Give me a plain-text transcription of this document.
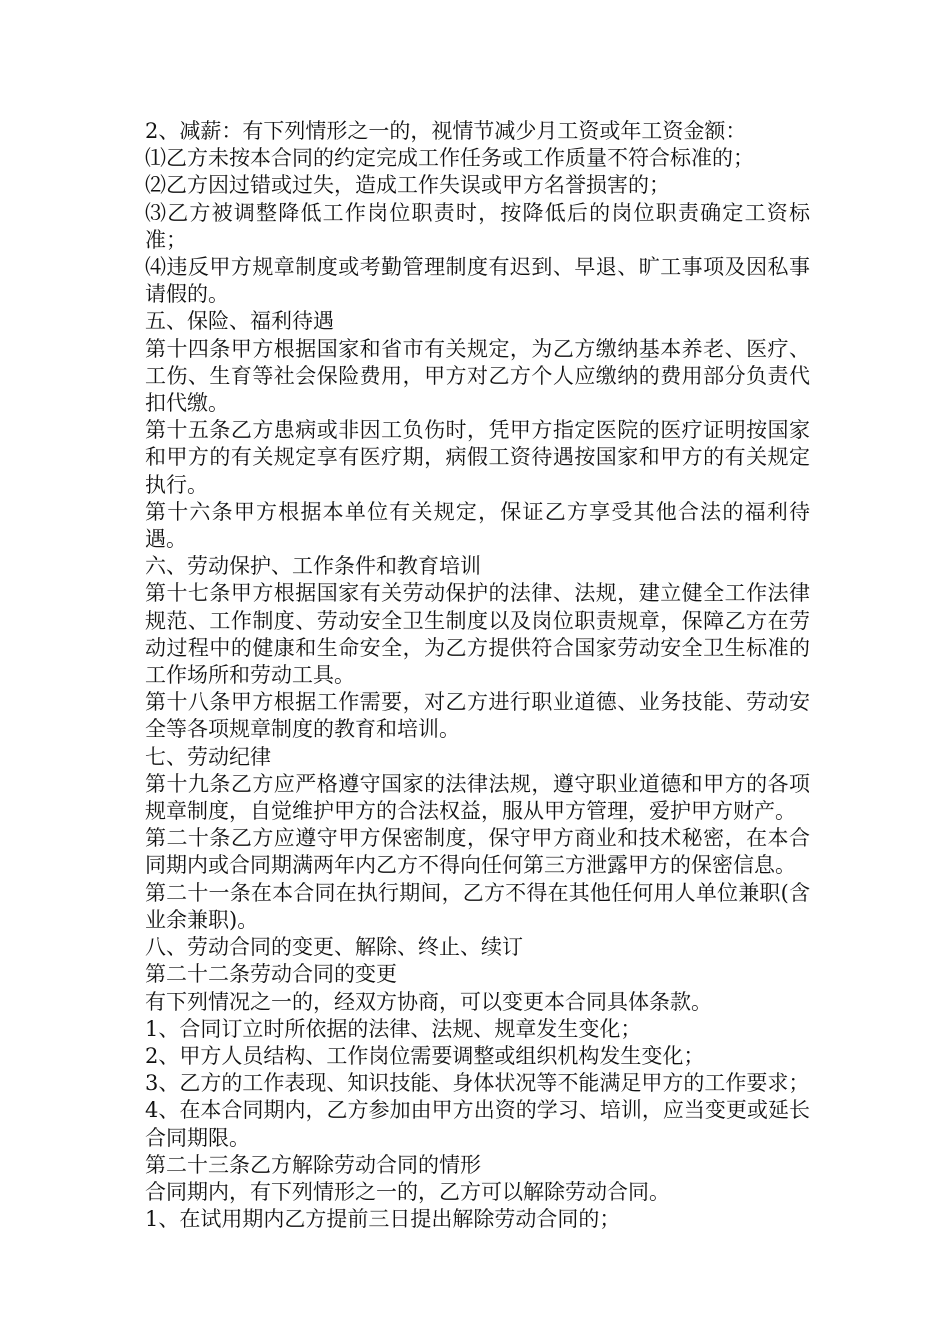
2、减薪：有下列情形之一的，视情节减少月工资或年工资金额：

⑴乙方未按本合同的约定完成工作任务或工作质量不符合标准的；

⑵乙方因过错或过失，造成工作失误或甲方名誉损害的；

⑶乙方被调整降低工作岗位职责时，按降低后的岗位职责确定工资标准；

⑷违反甲方规章制度或考勤管理制度有迟到、早退、旷工事项及因私事请假的。

五、保险、福利待遇

第十四条甲方根据国家和省市有关规定，为乙方缴纳基本养老、医疗、工伤、生育等社会保险费用，甲方对乙方个人应缴纳的费用部分负责代扣代缴。

第十五条乙方患病或非因工负伤时，凭甲方指定医院的医疗证明按国家和甲方的有关规定享有医疗期，病假工资待遇按国家和甲方的有关规定执行。

第十六条甲方根据本单位有关规定，保证乙方享受其他合法的福利待遇。

六、劳动保护、工作条件和教育培训

第十七条甲方根据国家有关劳动保护的法律、法规，建立健全工作法律规范、工作制度、劳动安全卫生制度以及岗位职责规章，保障乙方在劳动过程中的健康和生命安全，为乙方提供符合国家劳动安全卫生标准的工作场所和劳动工具。

第十八条甲方根据工作需要，对乙方进行职业道德、业务技能、劳动安全等各项规章制度的教育和培训。

七、劳动纪律

第十九条乙方应严格遵守国家的法律法规，遵守职业道德和甲方的各项规章制度，自觉维护甲方的合法权益，服从甲方管理，爱护甲方财产。

第二十条乙方应遵守甲方保密制度，保守甲方商业和技术秘密，在本合同期内或合同期满两年内乙方不得向任何第三方泄露甲方的保密信息。

第二十一条在本合同在执行期间，乙方不得在其他任何用人单位兼职(含业余兼职)。

八、劳动合同的变更、解除、终止、续订

第二十二条劳动合同的变更

有下列情况之一的，经双方协商，可以变更本合同具体条款。

1、合同订立时所依据的法律、法规、规章发生变化；

2、甲方人员结构、工作岗位需要调整或组织机构发生变化；

3、乙方的工作表现、知识技能、身体状况等不能满足甲方的工作要求；

4、在本合同期内，乙方参加由甲方出资的学习、培训，应当变更或延长合同期限。

第二十三条乙方解除劳动合同的情形

合同期内，有下列情形之一的，乙方可以解除劳动合同。

1、在试用期内乙方提前三日提出解除劳动合同的；
